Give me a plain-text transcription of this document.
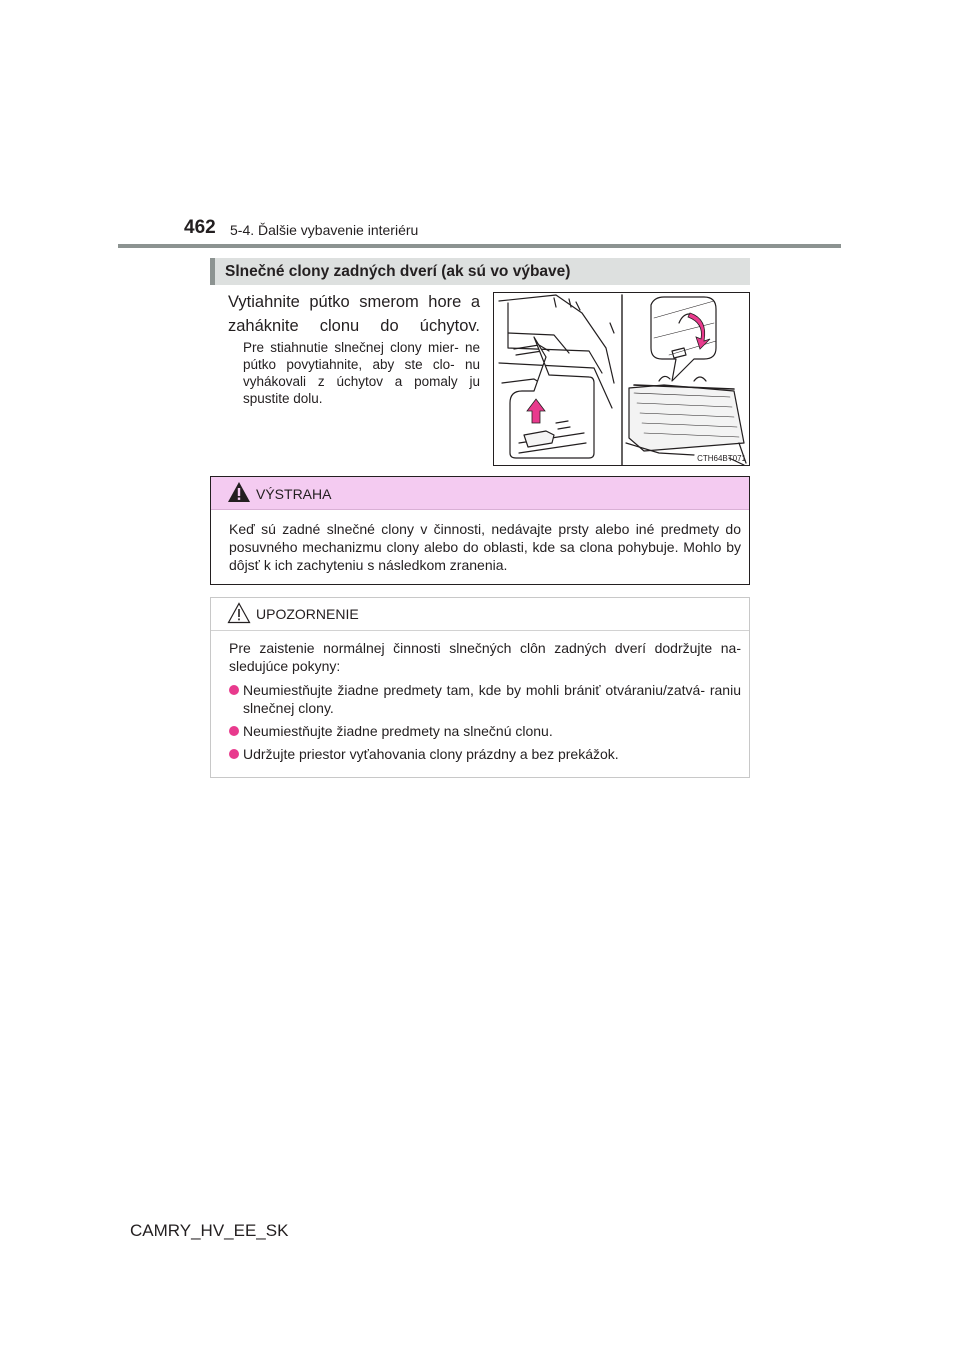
462 5-4. Ďalšie vybavenie interiéru
Slnečné clony zadných dverí (ak sú vo výbave)
Vytiahnite pútko smerom hore a zaháknite clonu do úchytov.
Pre stiahnutie slnečnej clony mier- ne pútko povytiahnite, aby ste clo- nu vyhákovali z úchytov a pomaly ju spustite dolu.
CTH64BT071
VÝSTRAHA
Keď sú zadné slnečné clony v činnosti, nedávajte prsty alebo iné predmety do posuvného mechanizmu clony alebo do oblasti, kde sa clona pohybuje. Mohlo by dôjsť k ich zachyteniu s následkom zranenia.
UPOZORNENIE
Pre zaistenie normálnej činnosti slnečných clôn zadných dverí dodržujte na- sledujúce pokyny:
Neumiestňujte žiadne predmety tam, kde by mohli brániť otváraniu/zatvá- raniu slnečnej clony.
Neumiestňujte žiadne predmety na slnečnú clonu.
Udržujte priestor vyťahovania clony prázdny a bez prekážok.
CAMRY_HV_EE_SK
